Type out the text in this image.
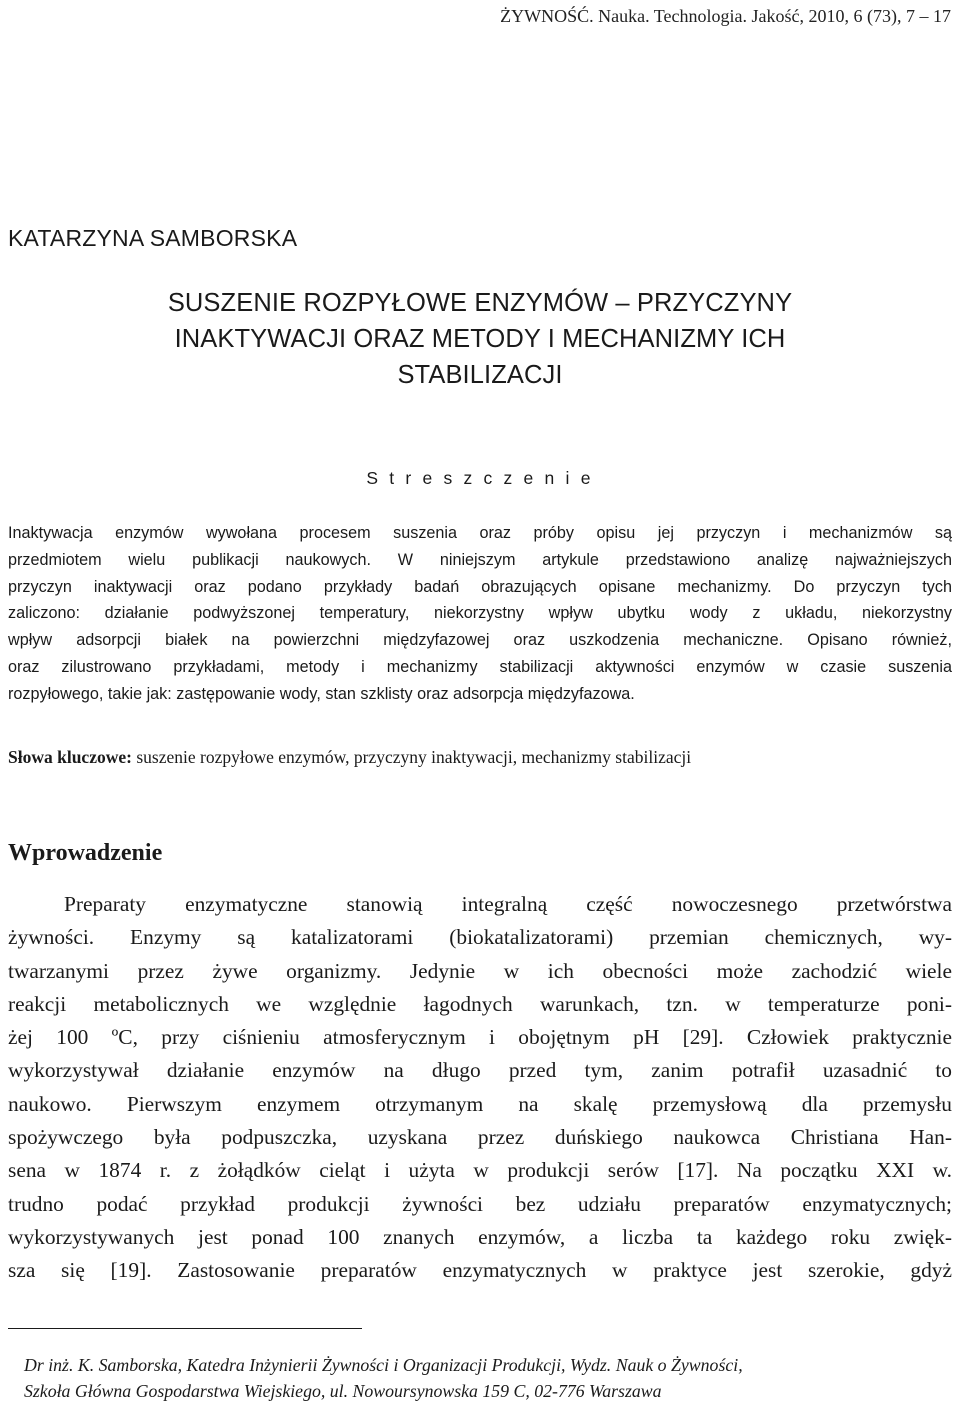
ŻYWNOŚĆ. Nauka. Technologia. Jakość, 2010, 6 (73), 7 – 17
KATARZYNA SAMBORSKA
SUSZENIE ROZPYŁOWE ENZYMÓW – PRZYCZYNY
INAKTYWACJI ORAZ METODY I MECHANIZMY ICH
STABILIZACJI
S t r e s z c z e n i e
Inaktywacja enzymów wywołana procesem suszenia oraz próby opisu jej przyczyn i mechanizmów są
przedmiotem wielu publikacji naukowych. W niniejszym artykule przedstawiono analizę najważniejszych
przyczyn inaktywacji oraz podano przykłady badań obrazujących opisane mechanizmy. Do przyczyn tych
zaliczono: działanie podwyższonej temperatury, niekorzystny wpływ ubytku wody z układu, niekorzystny
wpływ adsorpcji białek na powierzchni międzyfazowej oraz uszkodzenia mechaniczne. Opisano również,
oraz zilustrowano przykładami, metody i mechanizmy stabilizacji aktywności enzymów w czasie suszenia
rozpyłowego, takie jak: zastępowanie wody, stan szklisty oraz adsorpcja międzyfazowa.
Słowa kluczowe: suszenie rozpyłowe enzymów, przyczyny inaktywacji, mechanizmy stabilizacji
Wprowadzenie
Preparaty enzymatyczne stanowią integralną część nowoczesnego przetwórstwa
żywności. Enzymy są katalizatorami (biokatalizatorami) przemian chemicznych, wy-
twarzanymi przez żywe organizmy. Jedynie w ich obecności może zachodzić wiele
reakcji metabolicznych we względnie łagodnych warunkach, tzn. w temperaturze poni-
żej 100 ºC, przy ciśnieniu atmosferycznym i obojętnym pH [29]. Człowiek praktycznie
wykorzystywał działanie enzymów na długo przed tym, zanim potrafił uzasadnić to
naukowo. Pierwszym enzymem otrzymanym na skalę przemysłową dla przemysłu
spożywczego była podpuszczka, uzyskana przez duńskiego naukowca Christiana Han-
sena w 1874 r. z żołądków cieląt i użyta w produkcji serów [17]. Na początku XXI w.
trudno podać przykład produkcji żywności bez udziału preparatów enzymatycznych;
wykorzystywanych jest ponad 100 znanych enzymów, a liczba ta każdego roku zwięk-
sza się [19]. Zastosowanie preparatów enzymatycznych w praktyce jest szerokie, gdyż
Dr inż. K. Samborska, Katedra Inżynierii Żywności i Organizacji Produkcji, Wydz. Nauk o Żywności,
Szkoła Główna Gospodarstwa Wiejskiego, ul. Nowoursynowska 159 C, 02-776 Warszawa
